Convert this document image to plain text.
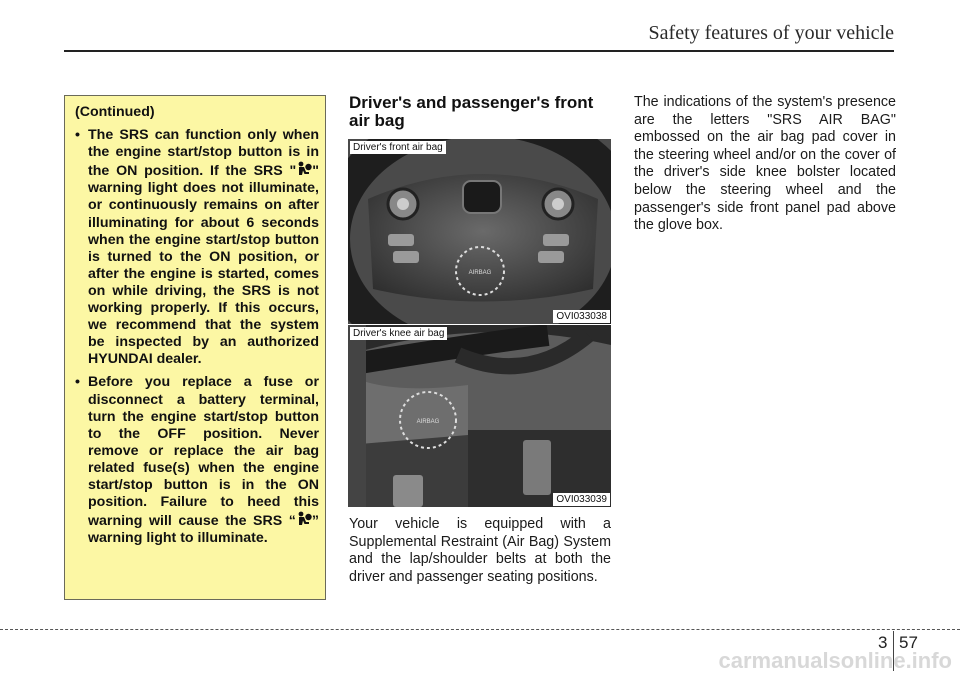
Safety features of your vehicle
(Continued)
• The SRS can function only when the engine start/stop button is in the ON position. If the SRS " " warning light does not illuminate, or continuously remains on after illuminating for about 6 seconds when the engine start/stop button is turned to the ON position, or after the engine is started, comes on while driving, the SRS is not working properly. If this occurs, we recommend that the system be inspected by an authorized HYUNDAI dealer.
• Before you replace a fuse or disconnect a battery terminal, turn the engine start/stop button to the OFF position. Never remove or replace the air bag related fuse(s) when the engine start/stop button is in the ON position. Failure to heed this warning will cause the SRS “ ” warning light to illuminate.
Driver's and passenger's front air bag
AIRBAG
Driver's front air bag
OVI033038
AIRBAG
Driver's knee air bag
OVI033039
Your vehicle is equipped with a Supplemental Restraint (Air Bag) System and the lap/shoulder belts at both the driver and passenger seating positions.
The indications of the system's presence are the letters "SRS AIR BAG" embossed on the air bag pad cover in the steering wheel and/or on the cover of the driver's side knee bolster located below the steering wheel and the passenger's side front panel pad above the glove box.
3 57
carmanualsonline.info
